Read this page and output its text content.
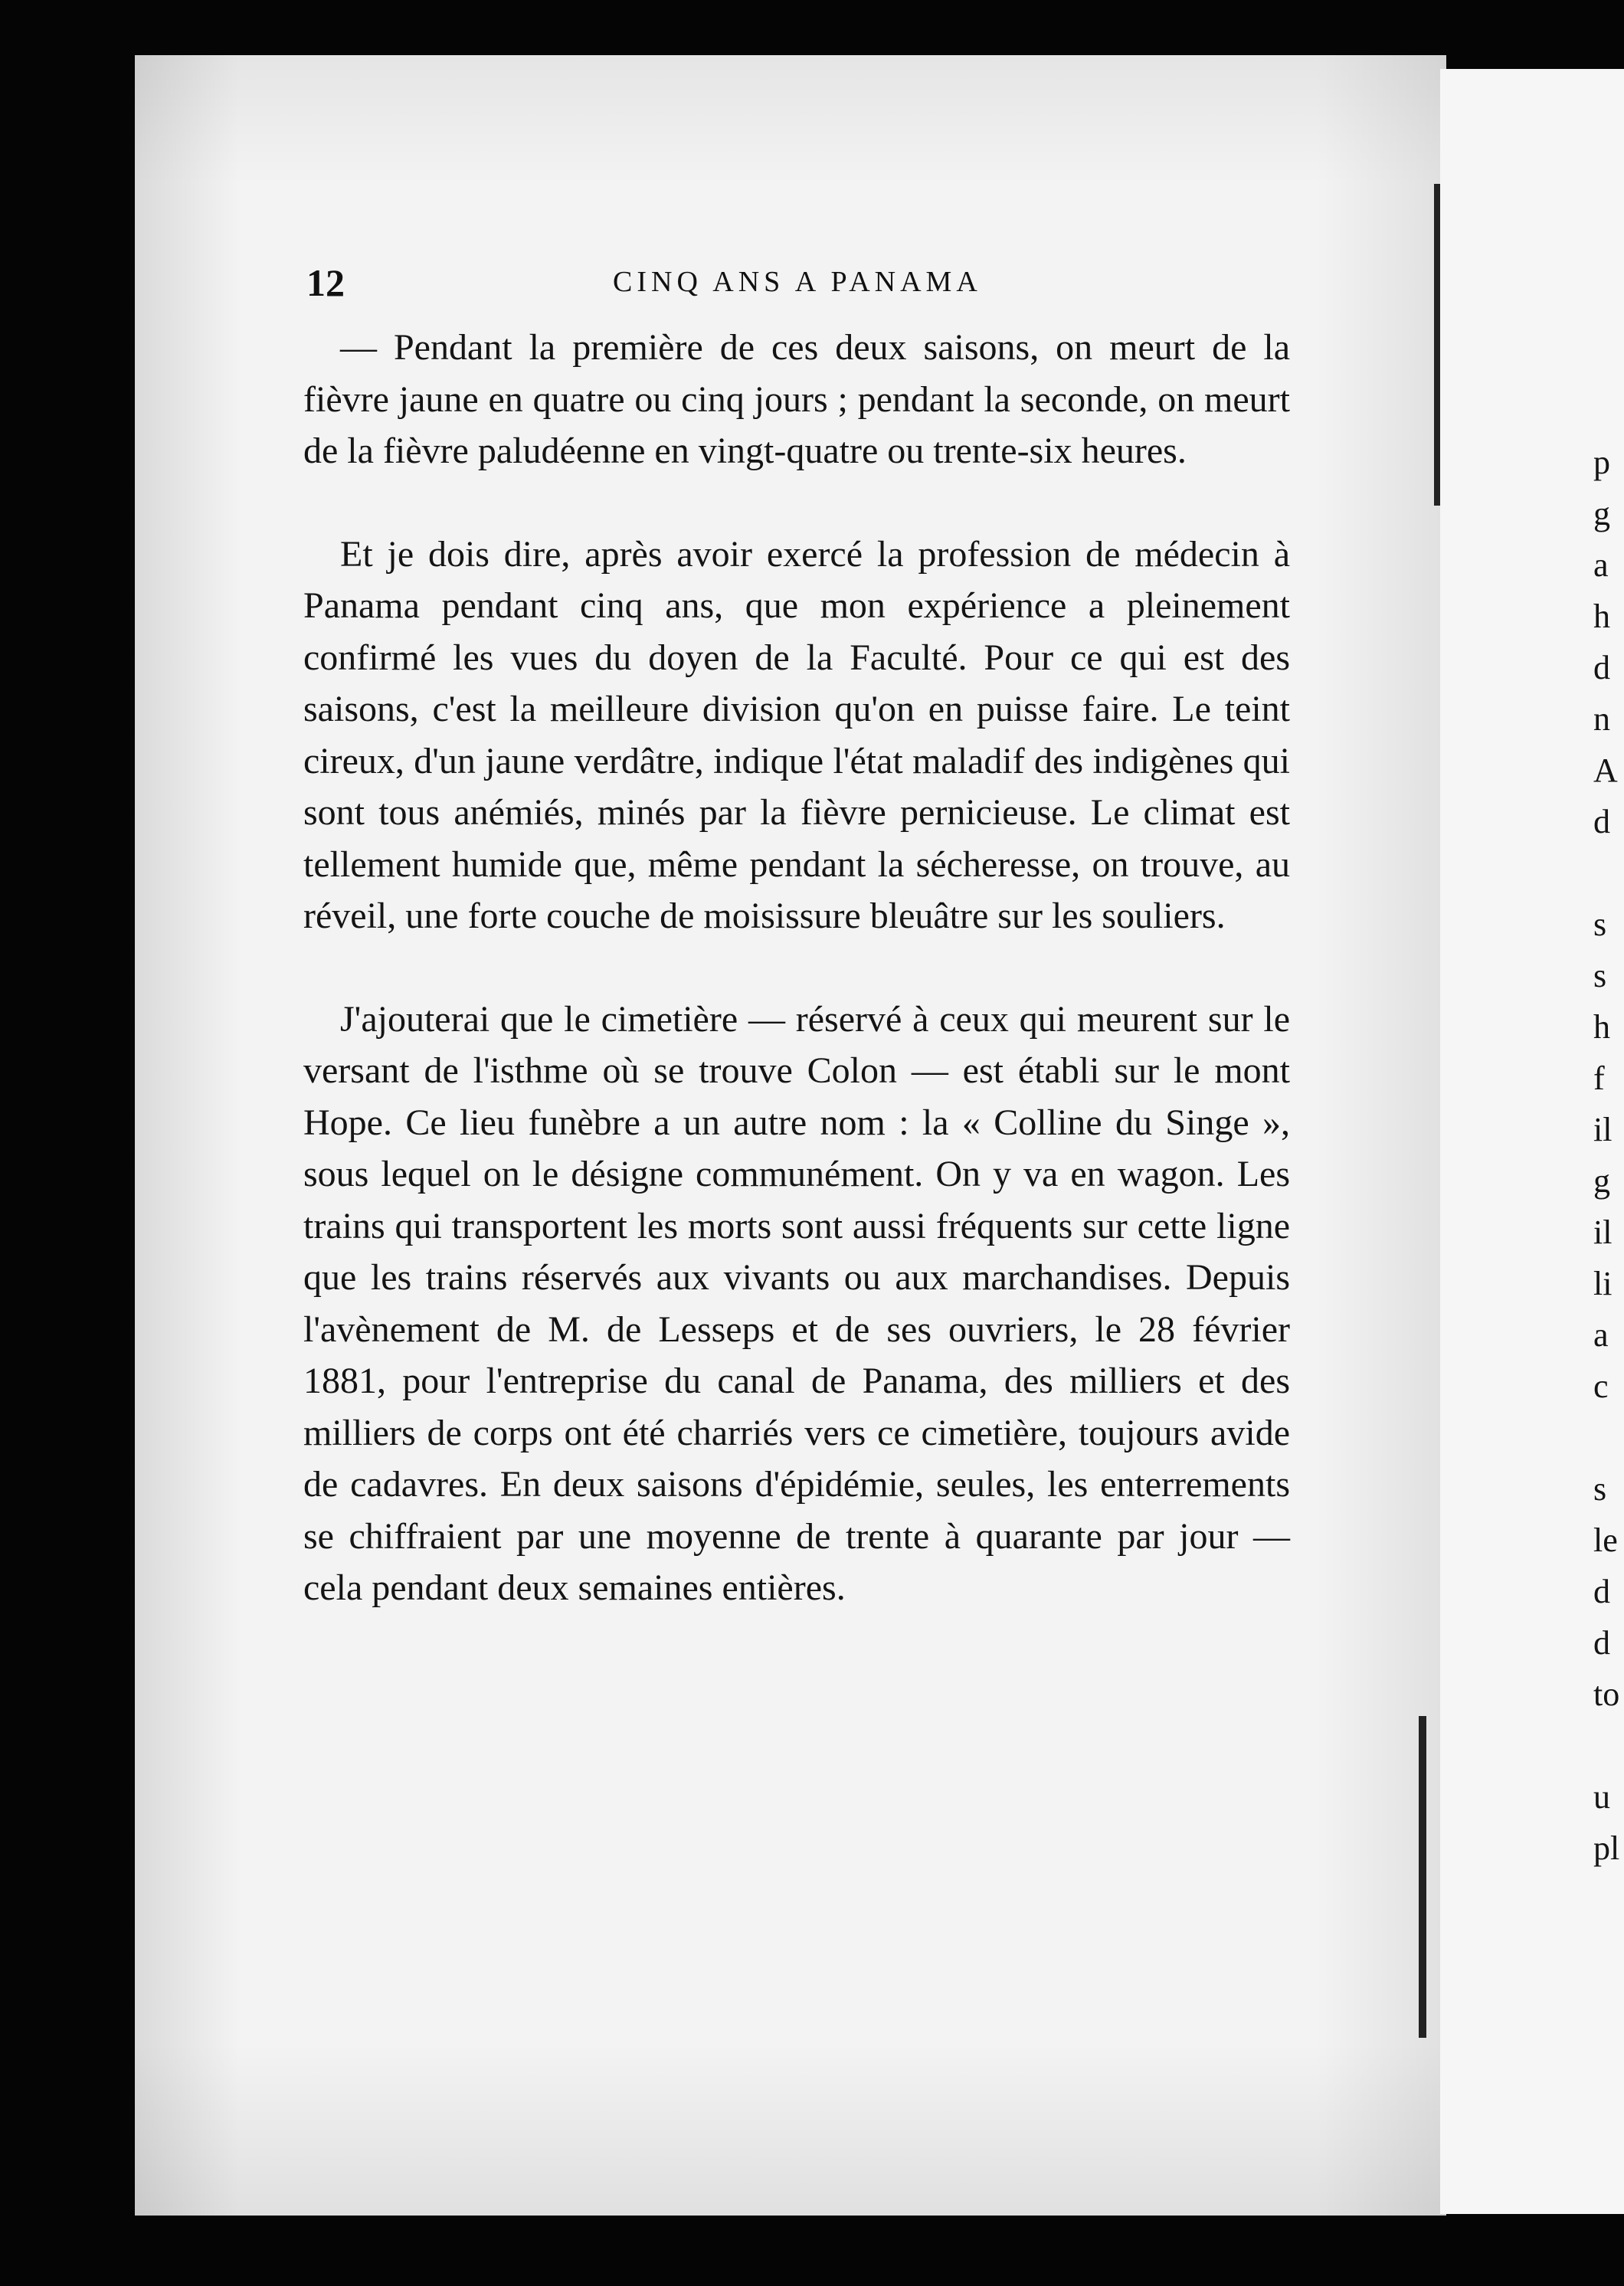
12	CINQ ANS A PANAMA

— Pendant la première de ces deux saisons, on meurt de la fièvre jaune en quatre ou cinq jours ; pendant la seconde, on meurt de la fièvre paludéenne en vingt-quatre ou trente-six heures.

Et je dois dire, après avoir exercé la profession de médecin à Panama pendant cinq ans, que mon expérience a pleinement confirmé les vues du doyen de la Faculté. Pour ce qui est des saisons, c'est la meilleure division qu'on en puisse faire. Le teint cireux, d'un jaune verdâtre, indique l'état maladif des indigènes qui sont tous anémiés, minés par la fièvre pernicieuse. Le climat est tellement humide que, même pendant la sécheresse, on trouve, au réveil, une forte couche de moisissure bleuâtre sur les souliers.

J'ajouterai que le cimetière — réservé à ceux qui meurent sur le versant de l'isthme où se trouve Colon — est établi sur le mont Hope. Ce lieu funèbre a un autre nom : la « Colline du Singe », sous lequel on le désigne communément. On y va en wagon. Les trains qui transportent les morts sont aussi fréquents sur cette ligne que les trains réservés aux vivants ou aux marchandises. Depuis l'avènement de M. de Lesseps et de ses ouvriers, le 28 février 1881, pour l'entreprise du canal de Panama, des milliers et des milliers de corps ont été charriés vers ce cimetière, toujours avide de cadavres. En deux saisons d'épidémie, seules, les enterrements se chiffraient par une moyenne de trente à quarante par jour — cela pendant deux semaines entières.

p
g
a
h
d
n
A
d
s
s
h
f
il
g
il
li
a
c
s
le
d
d
to
u
pl
